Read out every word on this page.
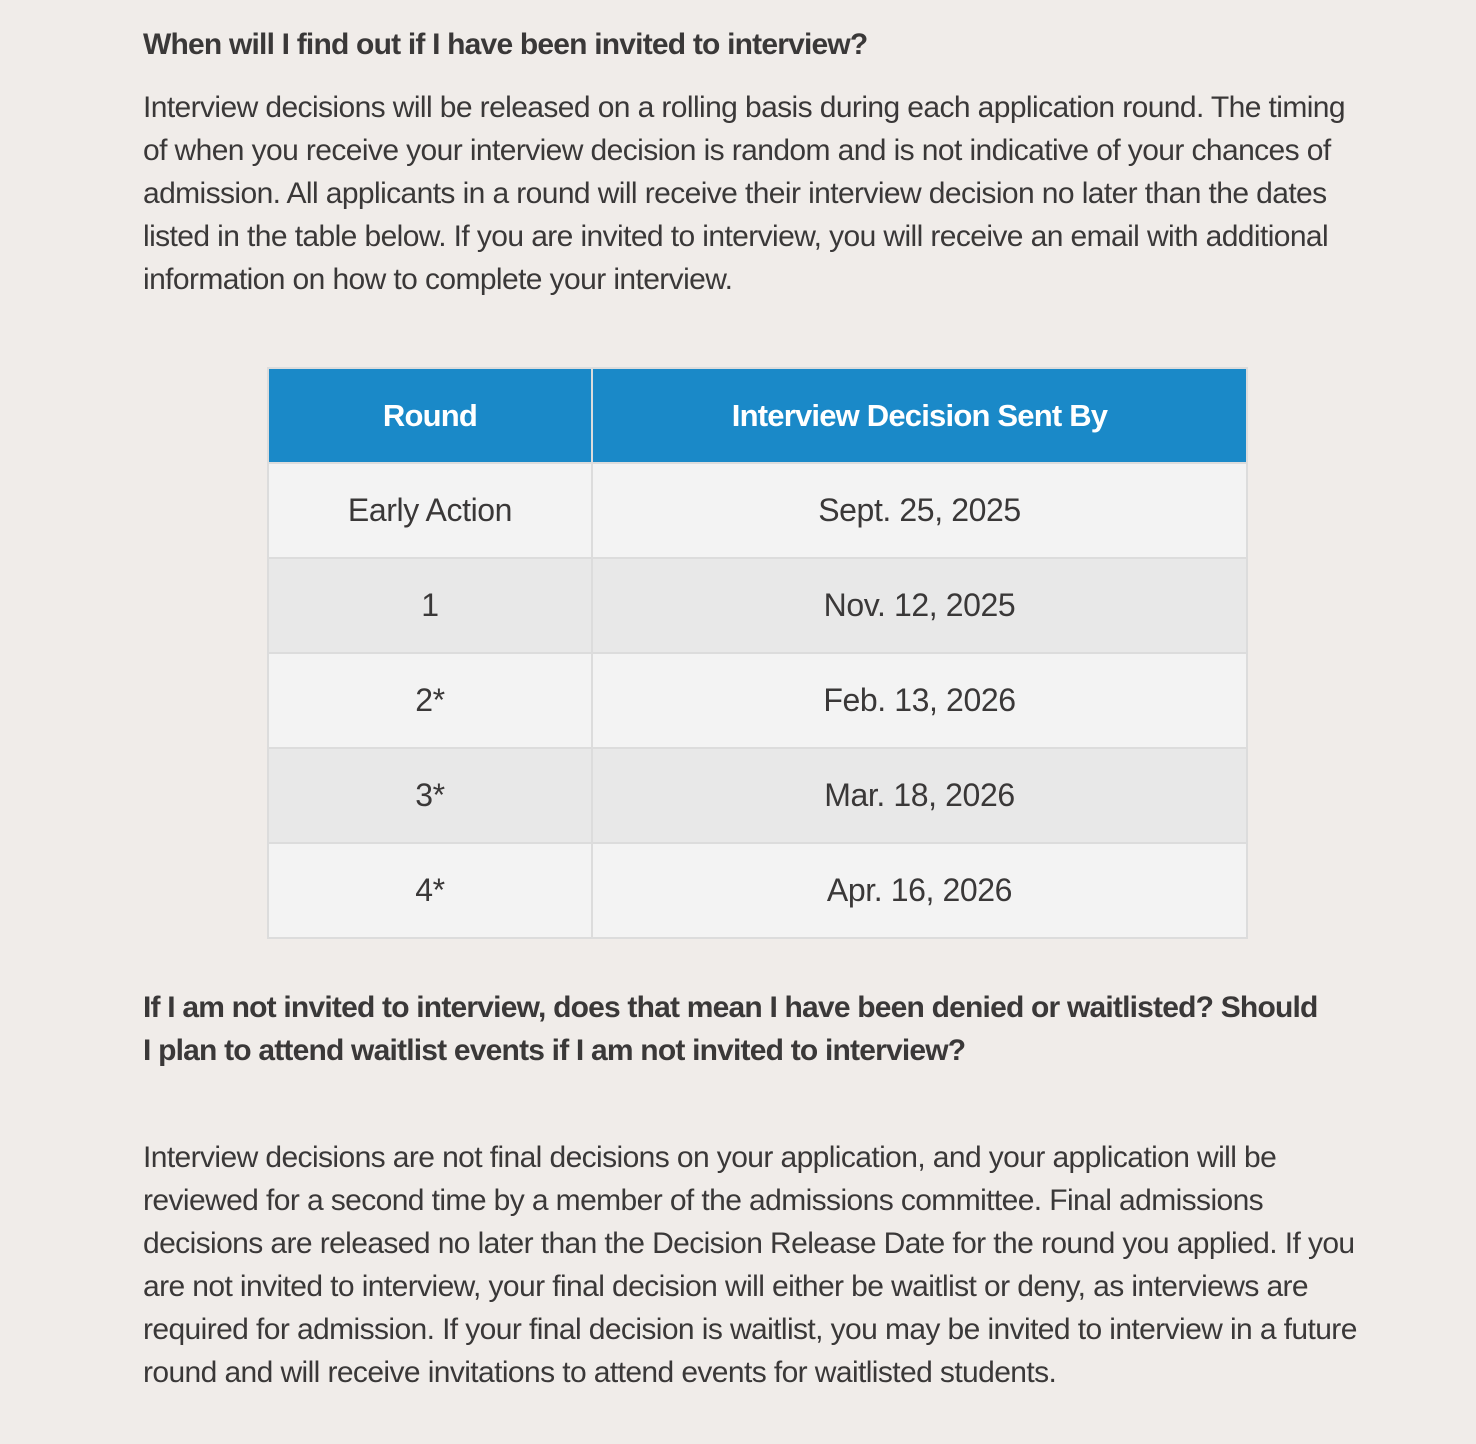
When will I find out if I have been invited to interview?

Interview decisions will be released on a rolling basis during each application round. The timing of when you receive your interview decision is random and is not indicative of your chances of admission. All applicants in a round will receive their interview decision no later than the dates listed in the table below. If you are invited to interview, you will receive an email with additional information on how to complete your interview.

Round	Interview Decision Sent By
Early Action	Sept. 25, 2025
1	Nov. 12, 2025
2*	Feb. 13, 2026
3*	Mar. 18, 2026
4*	Apr. 16, 2026
If I am not invited to interview, does that mean I have been denied or waitlisted? Should I plan to attend waitlist events if I am not invited to interview?

Interview decisions are not final decisions on your application, and your application will be reviewed for a second time by a member of the admissions committee. Final admissions decisions are released no later than the Decision Release Date for the round you applied. If you are not invited to interview, your final decision will either be waitlist or deny, as interviews are required for admission. If your final decision is waitlist, you may be invited to interview in a future round and will receive invitations to attend events for waitlisted students.
